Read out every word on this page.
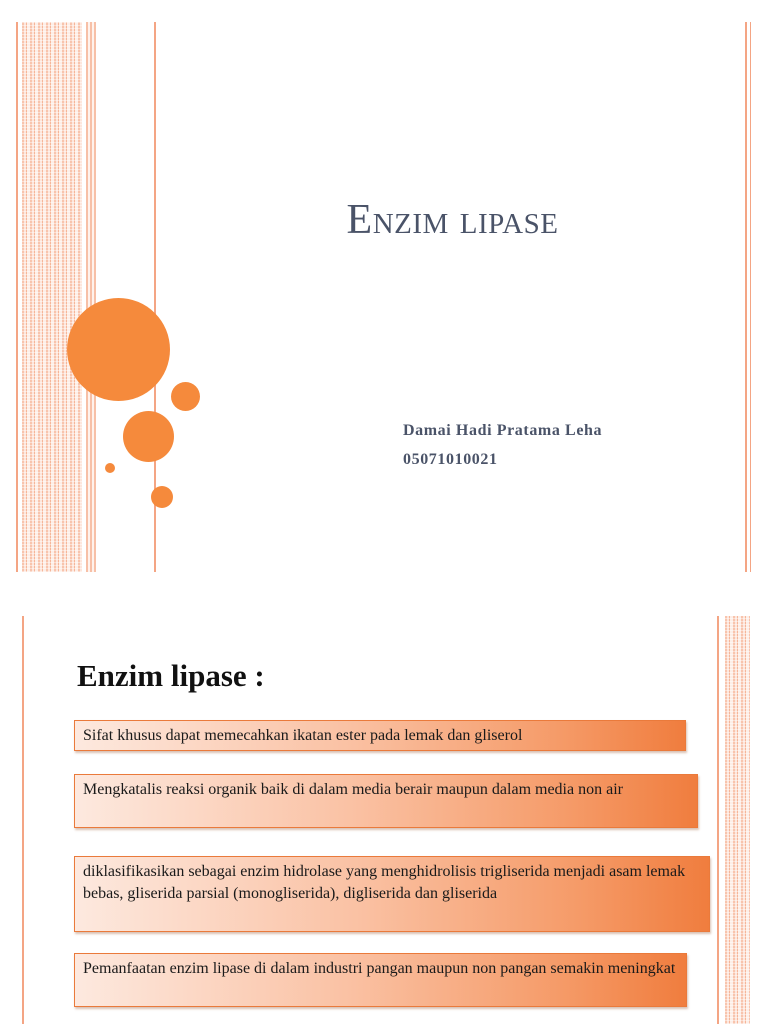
Enzim lipase
Damai Hadi Pratama Leha
05071010021
Enzim lipase :
Sifat khusus dapat memecahkan ikatan ester pada lemak dan gliserol
Mengkatalis reaksi organik baik di dalam media berair maupun dalam media non air
diklasifikasikan sebagai enzim hidrolase yang menghidrolisis trigliserida menjadi asam lemak bebas, gliserida parsial (monogliserida), digliserida dan gliserida
Pemanfaatan enzim lipase di dalam industri pangan maupun non pangan semakin meningkat
